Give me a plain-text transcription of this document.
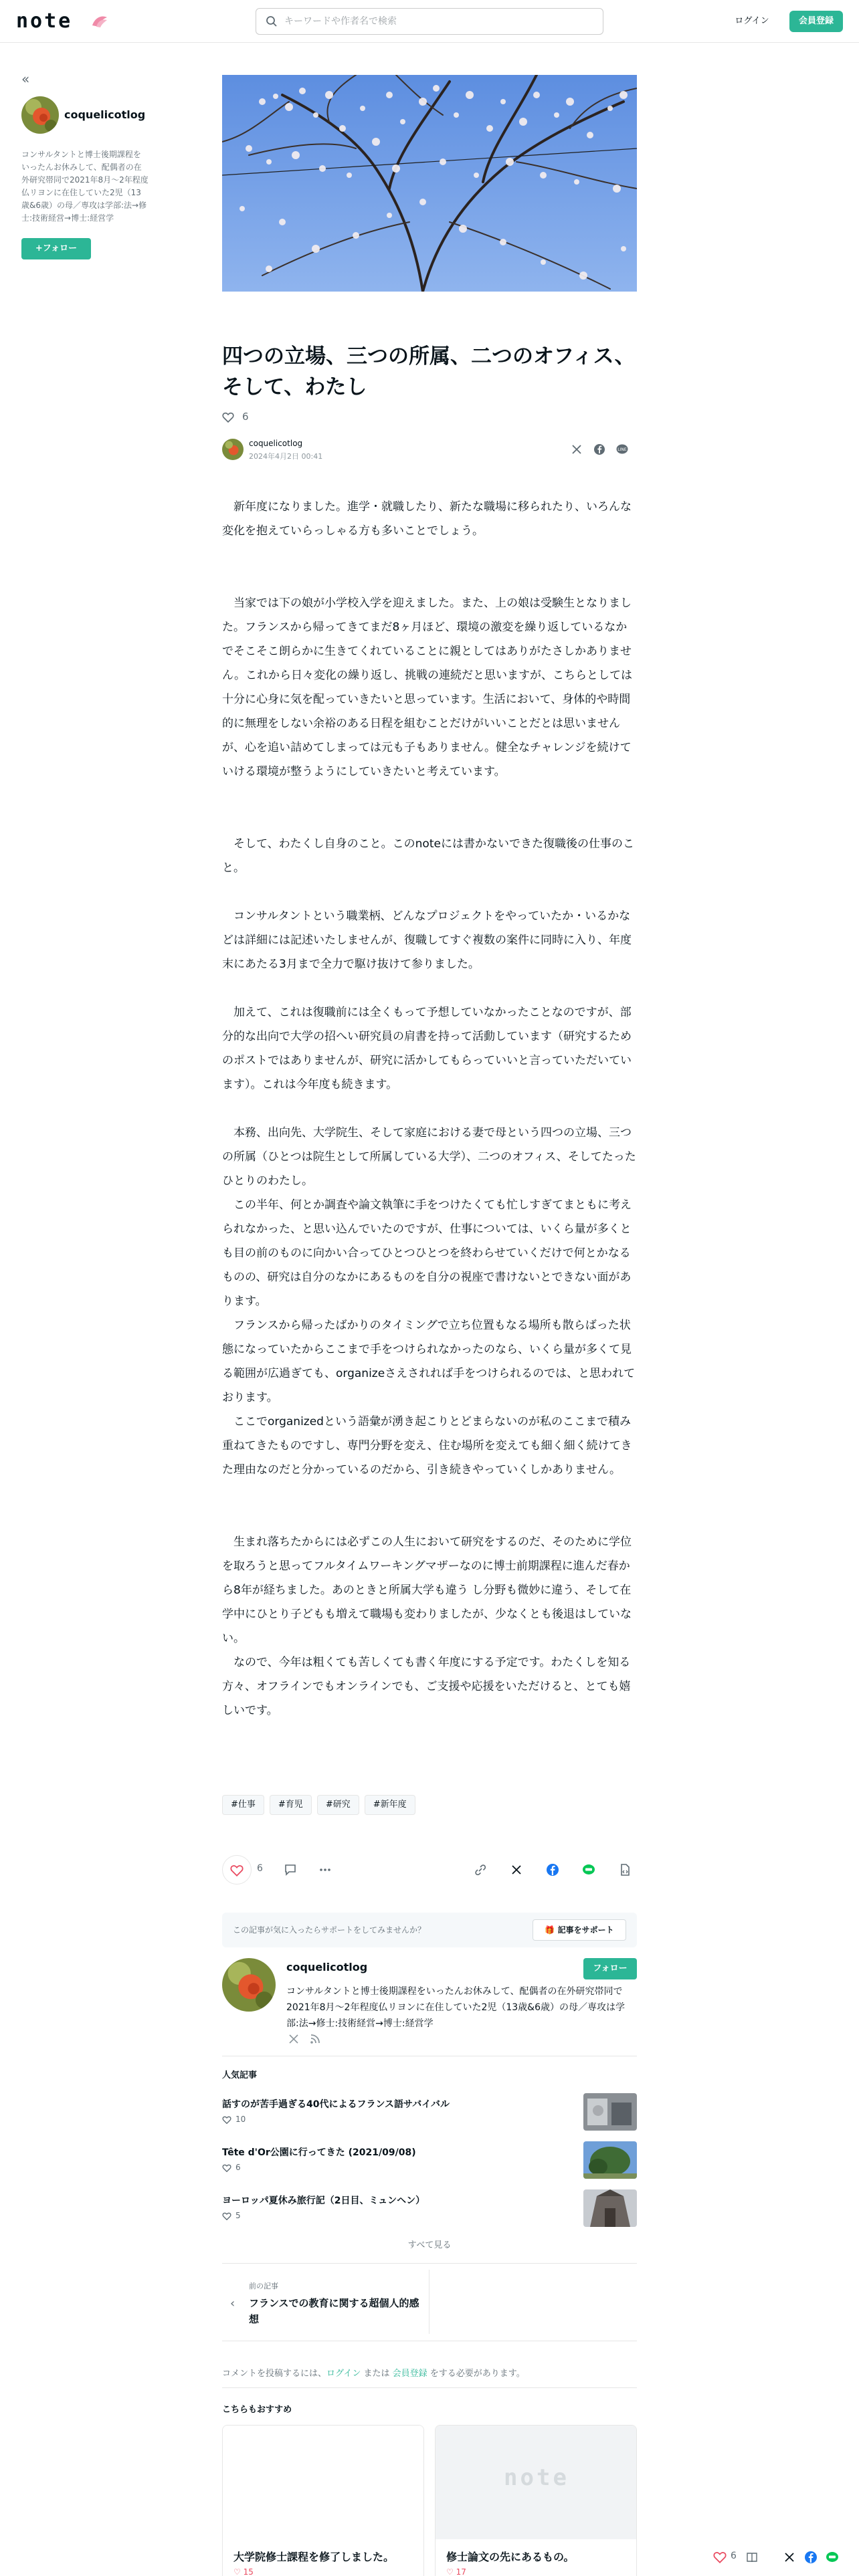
note
キーワードや作者名で検索	ログイン	会員登録
«
coquelicotlog
コンサルタントと博士後期課程をいったんお休みして、配偶者の在外研究帯同で2021年8月〜2年程度仏リヨンに在住していた2児（13歳&6歳）の母／専攻は学部:法→修士:技術経営→博士:経営学
+フォロー
四つの立場、三つの所属、二つのオフィス、そして、わたし
6
coquelicotlog
2024年4月2日 00:41
LINE

　新年度になりました。進学・就職したり、新たな職場に移られたり、いろんな変化を抱えていらっしゃる方も多いことでしょう。

　当家では下の娘が小学校入学を迎えました。また、上の娘は受験生となりました。フランスから帰ってきてまだ8ヶ月ほど、環境の激変を繰り返しているなかでそこそこ朗らかに生きてくれていることに親としてはありがたさしかありません。これから日々変化の繰り返し、挑戦の連続だと思いますが、こちらとしては十分に心身に気を配っていきたいと思っています。生活において、身体的や時間的に無理をしない余裕のある日程を組むことだけがいいことだとは思いませんが、心を追い詰めてしまっては元も子もありません。健全なチャレンジを続けていける環境が整うようにしていきたいと考えています。

　そして、わたくし自身のこと。このnoteには書かないできた復職後の仕事のこと。

　コンサルタントという職業柄、どんなプロジェクトをやっていたか・いるかなどは詳細には記述いたしませんが、復職してすぐ複数の案件に同時に入り、年度末にあたる3月まで全力で駆け抜けて参りました。

　加えて、これは復職前には全くもって予想していなかったことなのですが、部分的な出向で大学の招へい研究員の肩書を持って活動しています（研究するためのポストではありませんが、研究に活かしてもらっていいと言っていただいています）。これは今年度も続きます。

　本務、出向先、大学院生、そして家庭における妻で母という四つの立場、三つの所属（ひとつは院生として所属している大学）、二つのオフィス、そしてたったひとりのわたし。

　この半年、何とか調査や論文執筆に手をつけたくても忙しすぎてまともに考えられなかった、と思い込んでいたのですが、仕事については、いくら量が多くとも目の前のものに向かい合ってひとつひとつを終わらせていくだけで何とかなるものの、研究は自分のなかにあるものを自分の視座で書けないとできない面があります。

　フランスから帰ったばかりのタイミングで立ち位置もなる場所も散らばった状態になっていたからここまで手をつけられなかったのなら、いくら量が多くて見る範囲が広過ぎても、organizeさえされれば手をつけられるのでは、と思われております。

　ここでorganizedという語彙が湧き起こりとどまらないのが私のここまで積み重ねてきたものですし、専門分野を変え、住む場所を変えても細く細く続けてきた理由なのだと分かっているのだから、引き続きやっていくしかありません。

　生まれ落ちたからには必ずこの人生において研究をするのだ、そのために学位を取ろうと思ってフルタイムワーキングマザーなのに博士前期課程に進んだ春から8年が経ちました。あのときと所属大学も違う し分野も微妙に違う、そして在学中にひとり子どもも増えて職場も変わりましたが、少なくとも後退はしていない。

　なので、今年は粗くても苦しくても書く年度にする予定です。わたくしを知る方々、オフラインでもオンラインでも、ご支援や応援をいただけると、とても嬉しいです。

#仕事	#育児	#研究	#新年度
6
この記事が気に入ったらサポートをしてみませんか？	🎁 記事をサポート
coquelicotlog	フォロー
コンサルタントと博士後期課程をいったんお休みして、配偶者の在外研究帯同で2021年8月〜2年程度仏リヨンに在住していた2児（13歳&6歳）の母／専攻は学部:法→修士:技術経営→博士:経営学
人気記事
話すのが苦手過ぎる40代によるフランス語サバイバル
10
Tête d'Or公園に行ってきた (2021/09/08)
6
ヨーロッパ夏休み旅行記（2日目、ミュンヘン）
5
すべて見る
‹
前の記事
フランスでの教育に関する超個人的感想
コメントを投稿するには、ログイン または 会員登録 をする必要があります。
こちらもおすすめ
大学院修士課程を修了しました。
♡ 15
note
修士論文の先にあるもの。
♡ 17
6
